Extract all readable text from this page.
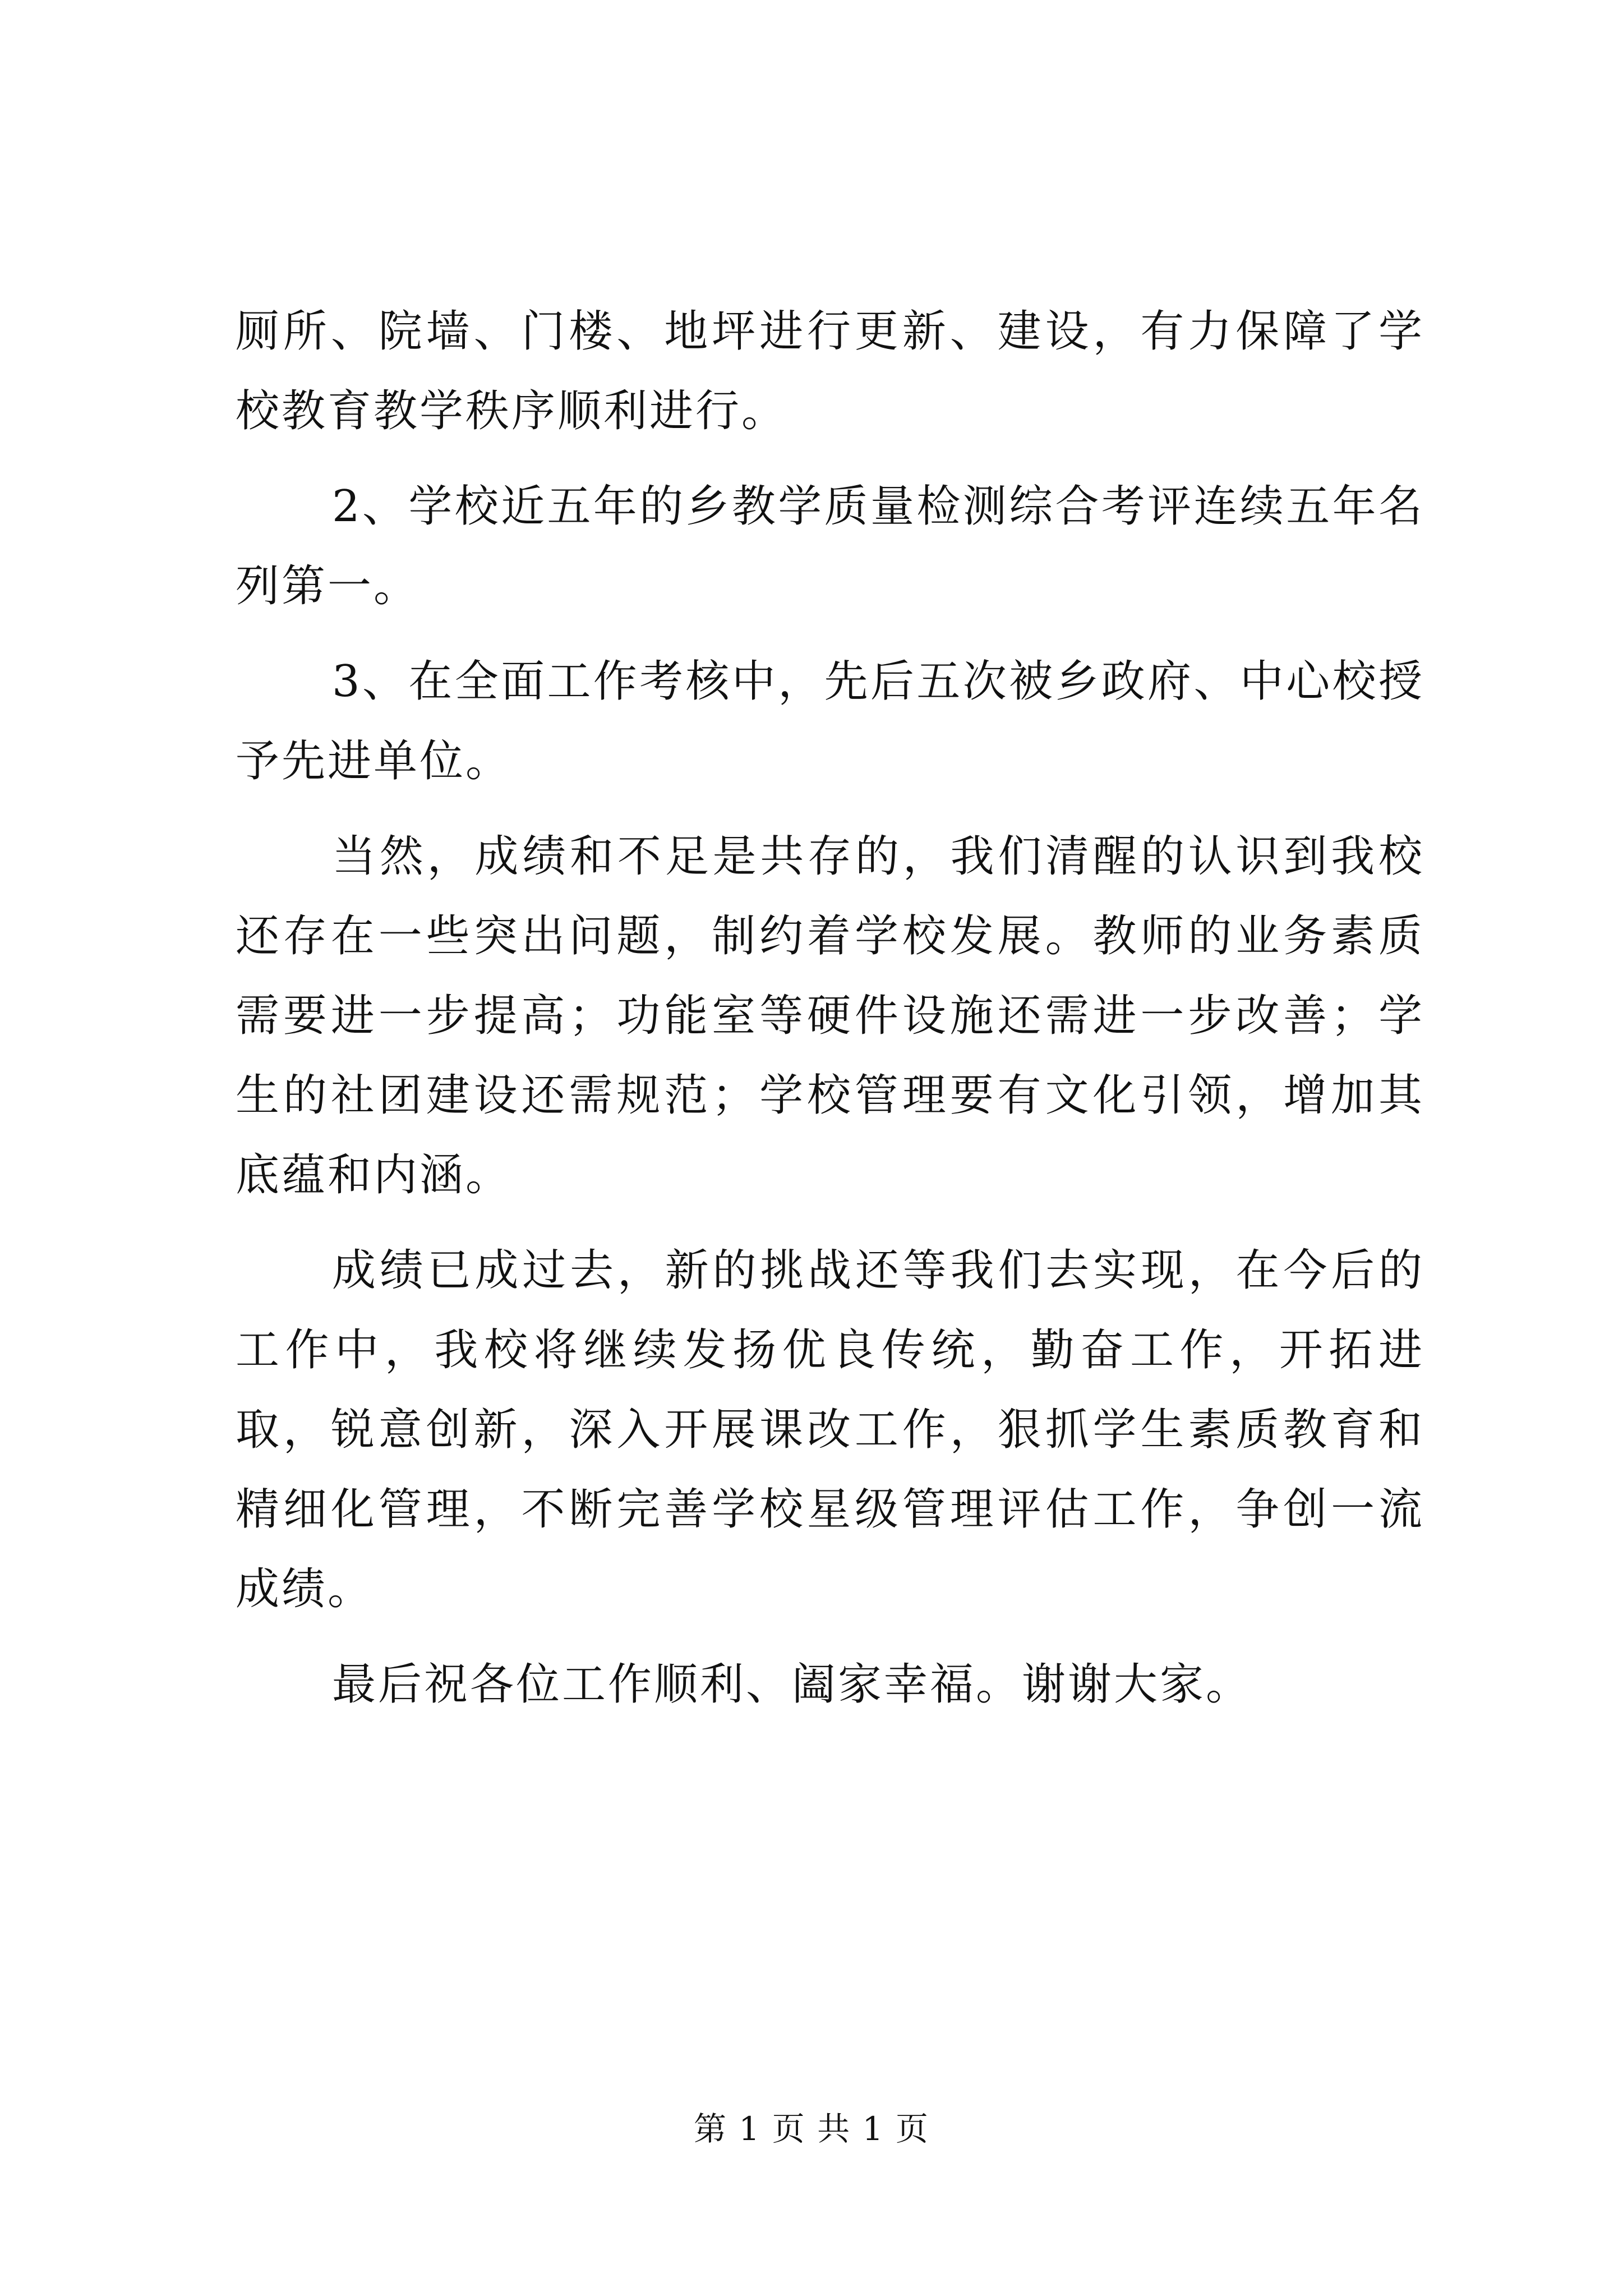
厕所、院墙、门楼、地坪进行更新、建设，有力保障了学校教育教学秩序顺利进行。

2、学校近五年的乡教学质量检测综合考评连续五年名列第一。

3、在全面工作考核中，先后五次被乡政府、中心校授予先进单位。

当然，成绩和不足是共存的，我们清醒的认识到我校还存在一些突出问题，制约着学校发展。教师的业务素质需要进一步提高；功能室等硬件设施还需进一步改善；学生的社团建设还需规范；学校管理要有文化引领，增加其底蕴和内涵。

成绩已成过去，新的挑战还等我们去实现，在今后的工作中，我校将继续发扬优良传统，勤奋工作，开拓进取，锐意创新，深入开展课改工作，狠抓学生素质教育和精细化管理，不断完善学校星级管理评估工作，争创一流成绩。

最后祝各位工作顺利、阖家幸福。谢谢大家。

第 1 页 共 1 页
